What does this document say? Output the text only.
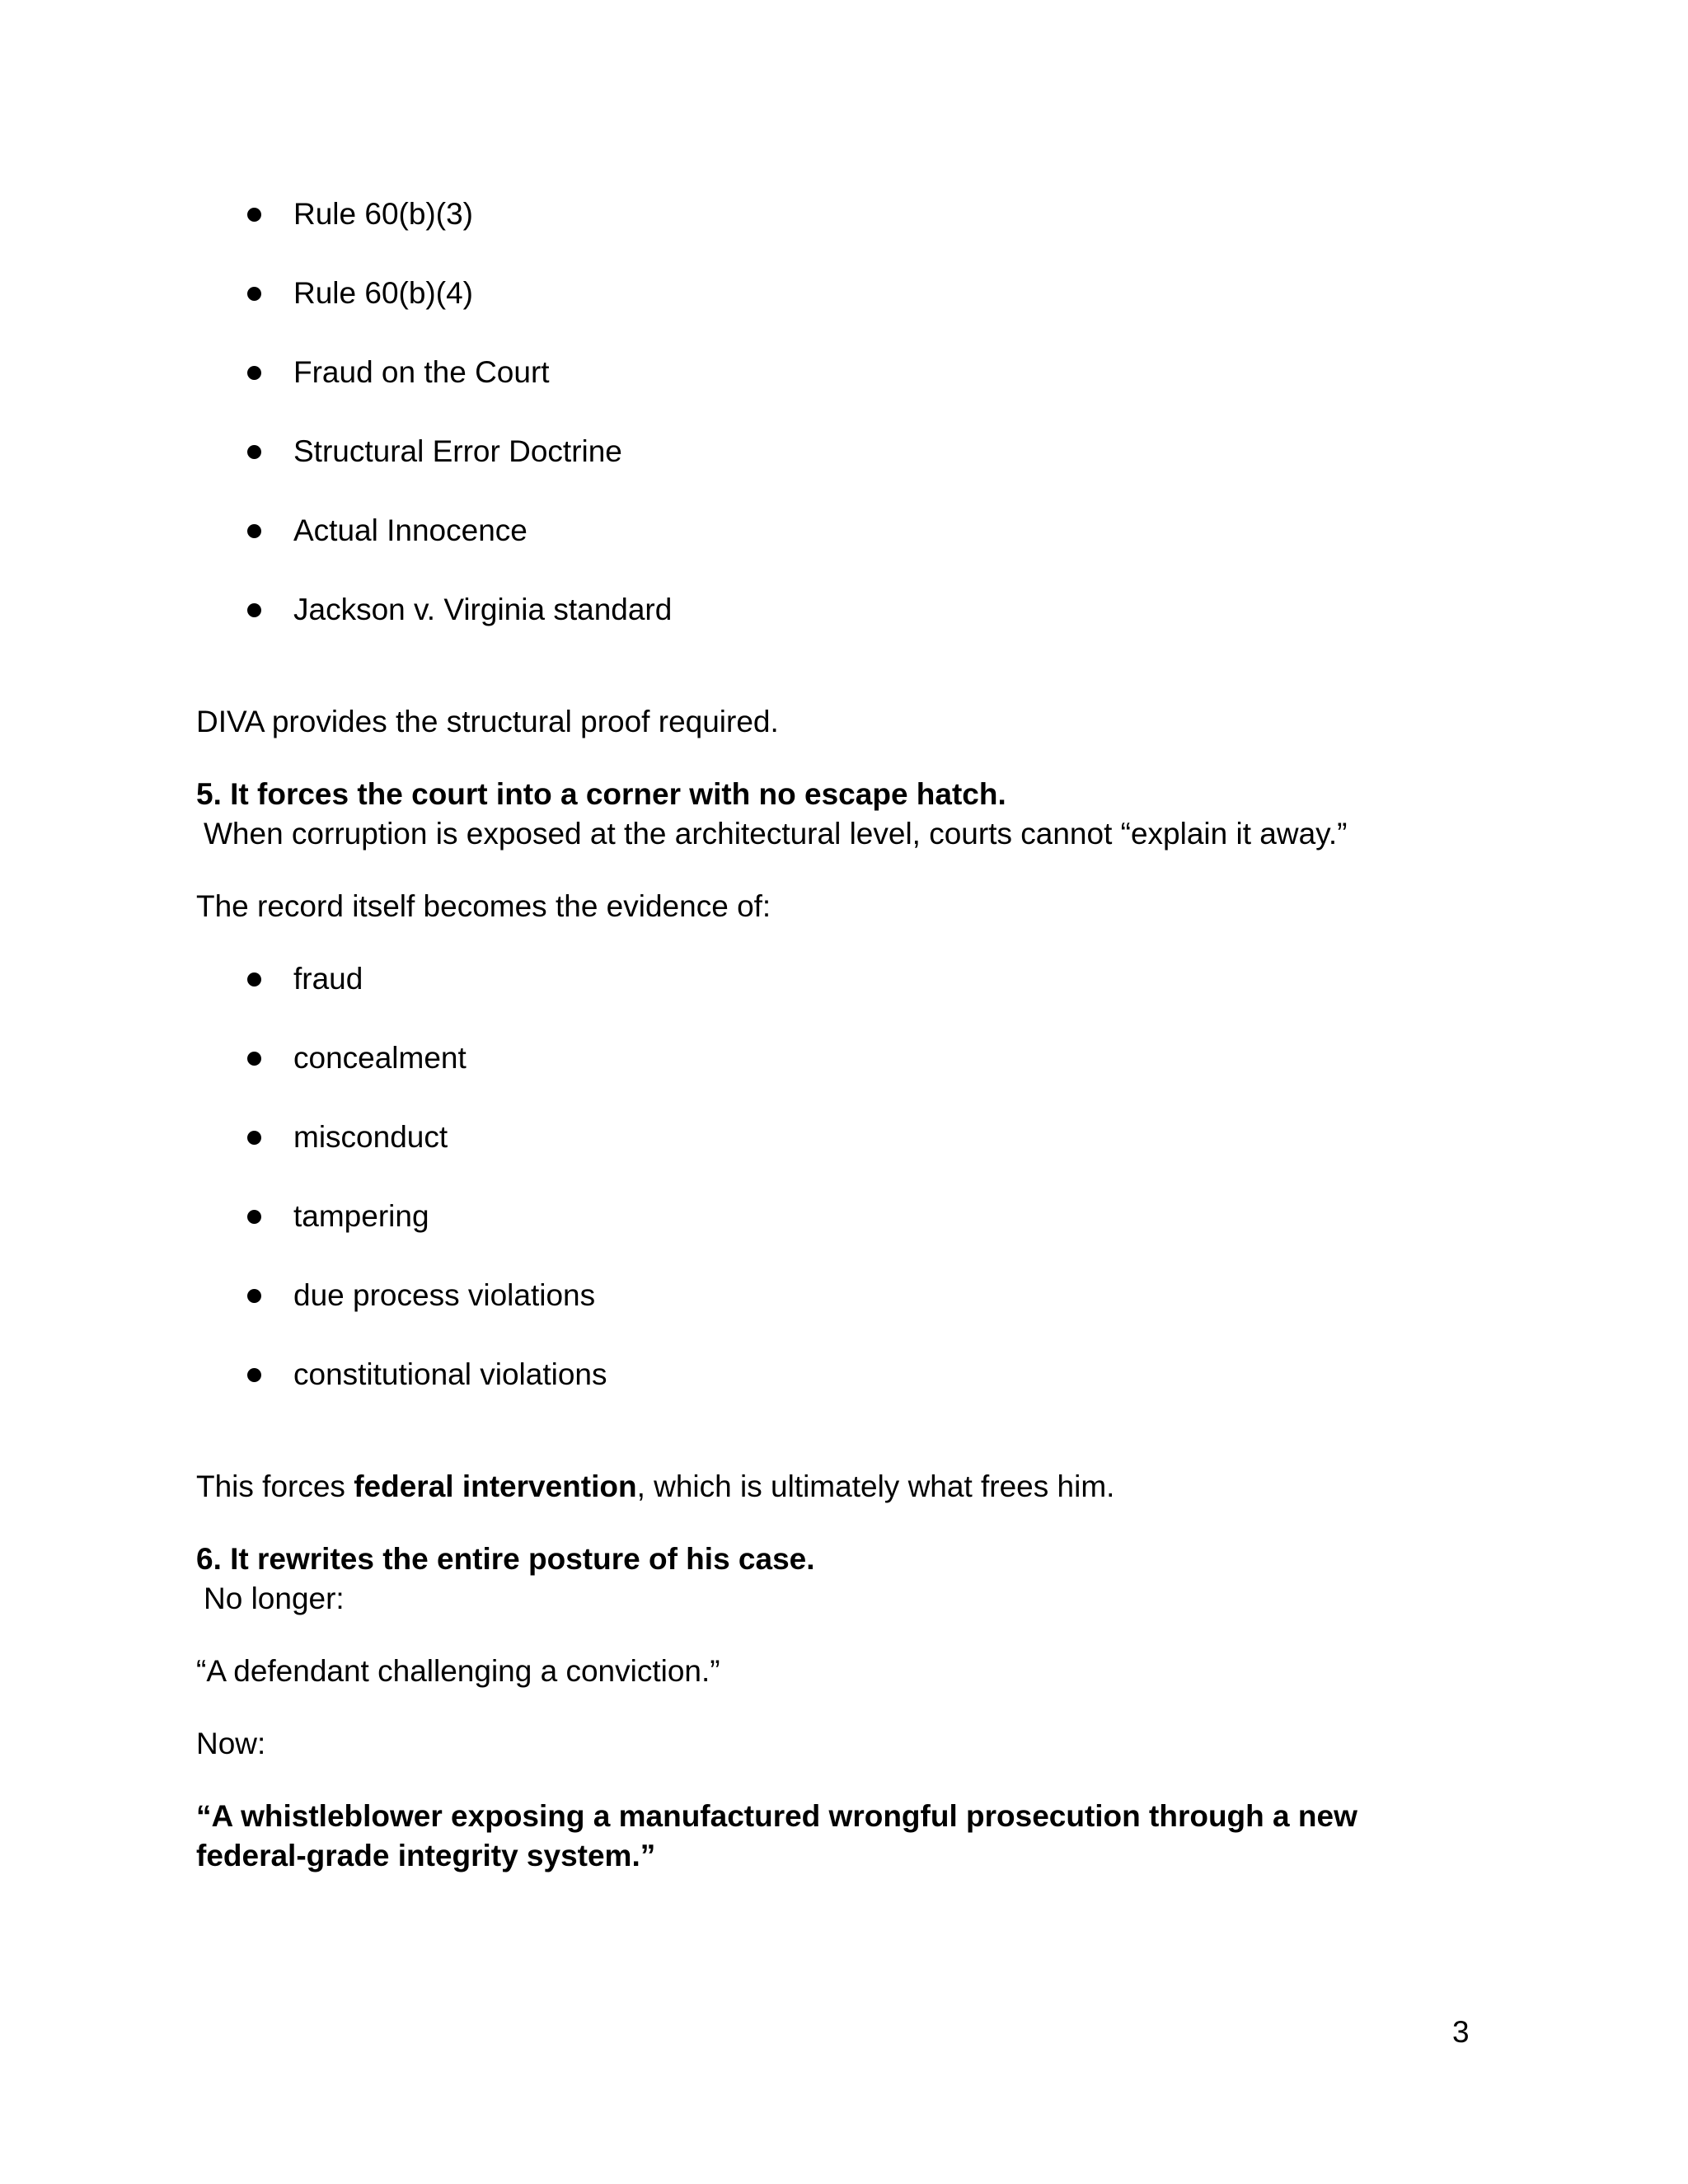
Rule 60(b)(3)
Rule 60(b)(4)
Fraud on the Court
Structural Error Doctrine
Actual Innocence
Jackson v. Virginia standard
DIVA provides the structural proof required.
5. It forces the court into a corner with no escape hatch.
When corruption is exposed at the architectural level, courts cannot “explain it away.”
The record itself becomes the evidence of:
fraud
concealment
misconduct
tampering
due process violations
constitutional violations
This forces federal intervention, which is ultimately what frees him.
6. It rewrites the entire posture of his case.
No longer:
“A defendant challenging a conviction.”
Now:
“A whistleblower exposing a manufactured wrongful prosecution through a new
federal-grade integrity system.”
3
